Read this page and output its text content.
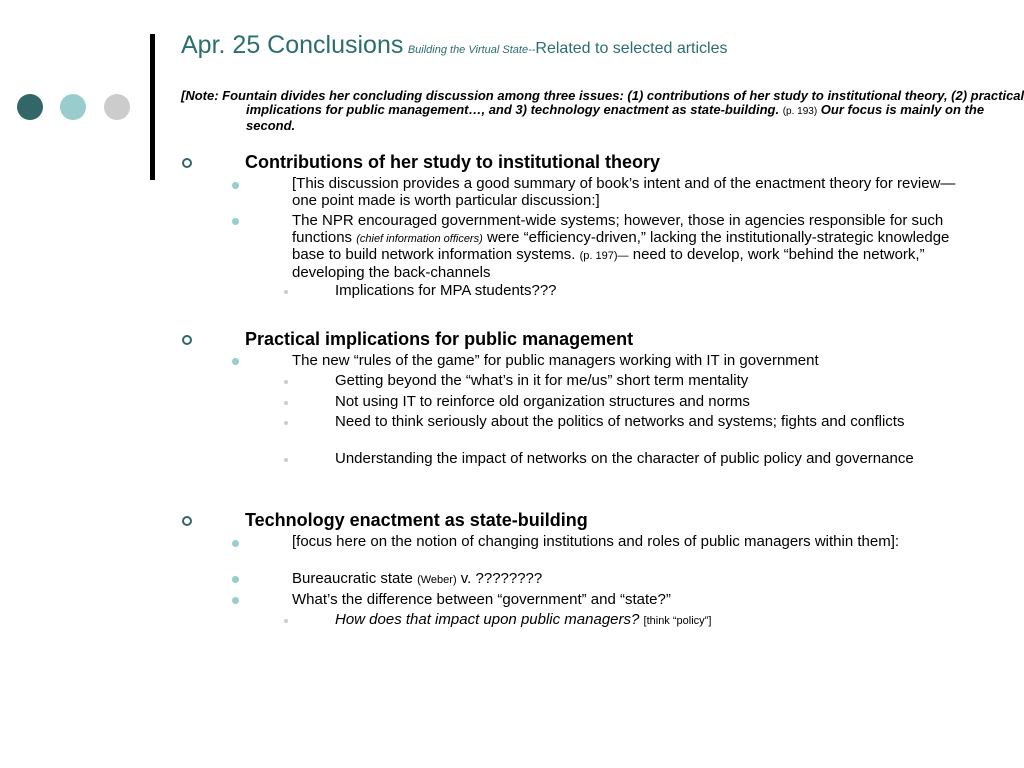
Apr. 25 Conclusions Building the Virtual State--Related to selected articles
[Note: Fountain divides her concluding discussion among three issues: (1) contributions of her study to institutional theory, (2) practical implications for public management…, and 3) technology enactment as state-building. (p. 193) Our focus is mainly on the second.
Contributions of her study to institutional theory
[This discussion provides a good summary of book’s intent and of the enactment theory for review—one point made is worth particular discussion:]
The NPR encouraged government-wide systems; however, those in agencies responsible for such functions (chief information officers) were “efficiency-driven,” lacking the institutionally-strategic knowledge base to build network information systems. (p. 197)— need to develop, work “behind the network,” developing the back-channels
Implications for MPA students???
Practical implications for public management
The new “rules of the game” for public managers working with IT in government
Getting beyond the “what’s in it for me/us” short term mentality
Not using IT to reinforce old organization structures and norms
Need to think seriously about the politics of networks and systems; fights and conflicts
Understanding the impact of networks on the character of public policy and governance
Technology enactment as state-building
[focus here on the notion of changing institutions and roles of public managers within them]:
Bureaucratic state (Weber) v. ????????
What’s the difference between “government” and “state?”
How does that impact upon public managers? [think “policy”]
